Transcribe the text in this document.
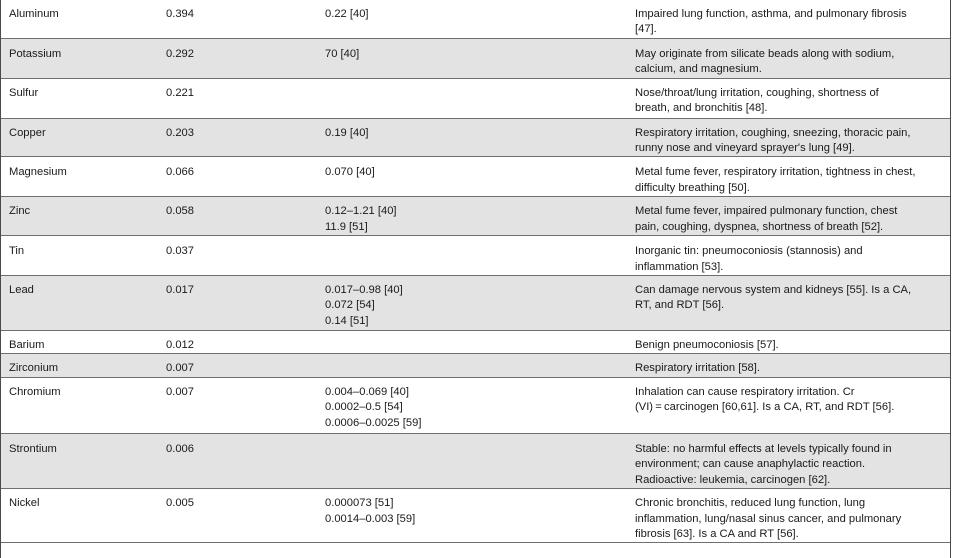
Aluminum	0.394	0.22 [40]	Impaired lung function, asthma, and pulmonary fibrosis
[47].

Potassium	0.292	70 [40]	May originate from silicate beads along with sodium,
calcium, and magnesium.

Sulfur	0.221		Nose/throat/lung irritation, coughing, shortness of
breath, and bronchitis [48].

Copper	0.203	0.19 [40]	Respiratory irritation, coughing, sneezing, thoracic pain,
runny nose and vineyard sprayer's lung [49].

Magnesium	0.066	0.070 [40]	Metal fume fever, respiratory irritation, tightness in chest,
difficulty breathing [50].

Zinc	0.058	0.12–1.21 [40]
11.9 [51]	Metal fume fever, impaired pulmonary function, chest
pain, coughing, dyspnea, shortness of breath [52].

Tin	0.037		Inorganic tin: pneumoconiosis (stannosis) and
inflammation [53].

Lead	0.017	0.017–0.98 [40]
0.072 [54]
0.14 [51]	Can damage nervous system and kidneys [55]. Is a CA,
RT, and RDT [56].

Barium	0.012		Benign pneumoconiosis [57].

Zirconium	0.007		Respiratory irritation [58].

Chromium	0.007	0.004–0.069 [40]
0.0002–0.5 [54]
0.0006–0.0025 [59]	Inhalation can cause respiratory irritation. Cr
(VI) = carcinogen [60,61]. Is a CA, RT, and RDT [56].

Strontium	0.006		Stable: no harmful effects at levels typically found in
environment; can cause anaphylactic reaction.
Radioactive: leukemia, carcinogen [62].

Nickel	0.005	0.000073 [51]
0.0014–0.003 [59]	Chronic bronchitis, reduced lung function, lung
inflammation, lung/nasal sinus cancer, and pulmonary
fibrosis [63]. Is a CA and RT [56].
